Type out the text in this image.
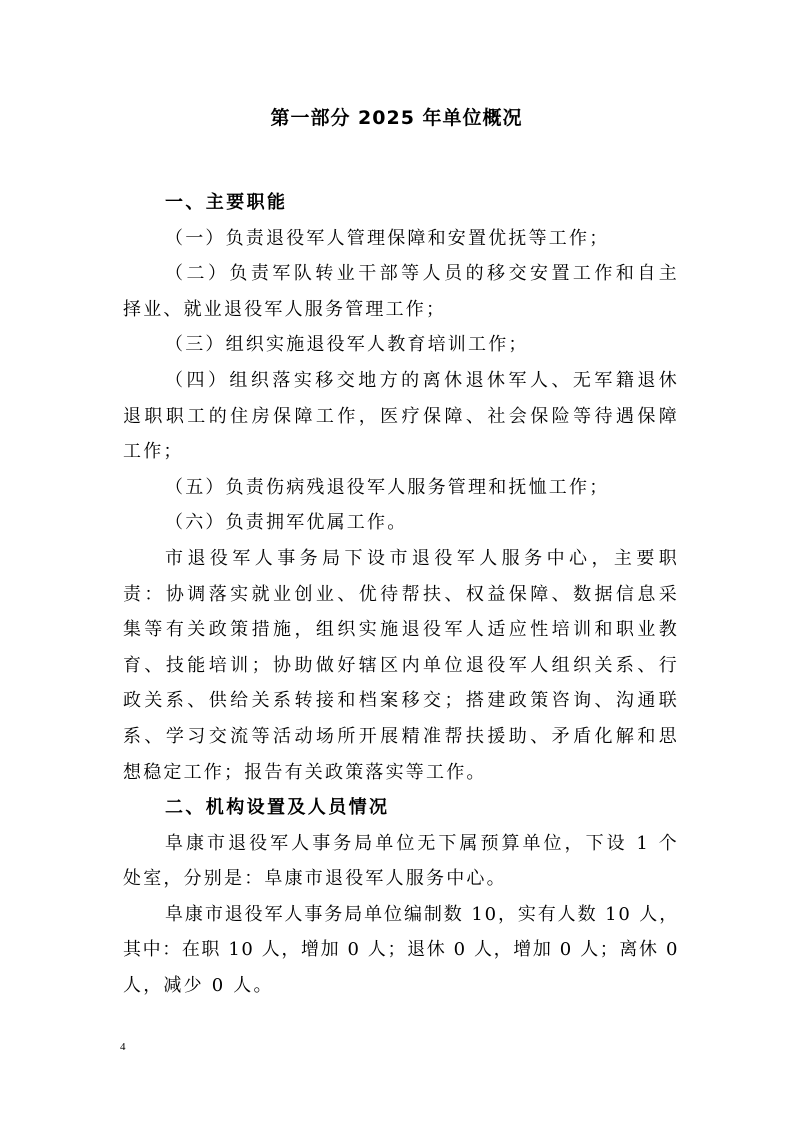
第一部分 2025 年单位概况
一、主要职能
（一）负责退役军人管理保障和安置优抚等工作；
（二）负责军队转业干部等人员的移交安置工作和自主
择业、就业退役军人服务管理工作；
（三）组织实施退役军人教育培训工作；
（四）组织落实移交地方的离休退休军人、无军籍退休
退职职工的住房保障工作，医疗保障、社会保险等待遇保障
工作；
（五）负责伤病残退役军人服务管理和抚恤工作；
（六）负责拥军优属工作。
市退役军人事务局下设市退役军人服务中心，主要职
责：协调落实就业创业、优待帮扶、权益保障、数据信息采
集等有关政策措施，组织实施退役军人适应性培训和职业教
育、技能培训；协助做好辖区内单位退役军人组织关系、行
政关系、供给关系转接和档案移交；搭建政策咨询、沟通联
系、学习交流等活动场所开展精准帮扶援助、矛盾化解和思
想稳定工作；报告有关政策落实等工作。
二、机构设置及人员情况
阜康市退役军人事务局单位无下属预算单位，下设 1 个
处室，分别是：阜康市退役军人服务中心。
阜康市退役军人事务局单位编制数 10，实有人数 10 人，
其中：在职 10 人，增加 0 人；退休 0 人，增加 0 人；离休 0
人，减少 0 人。
4
